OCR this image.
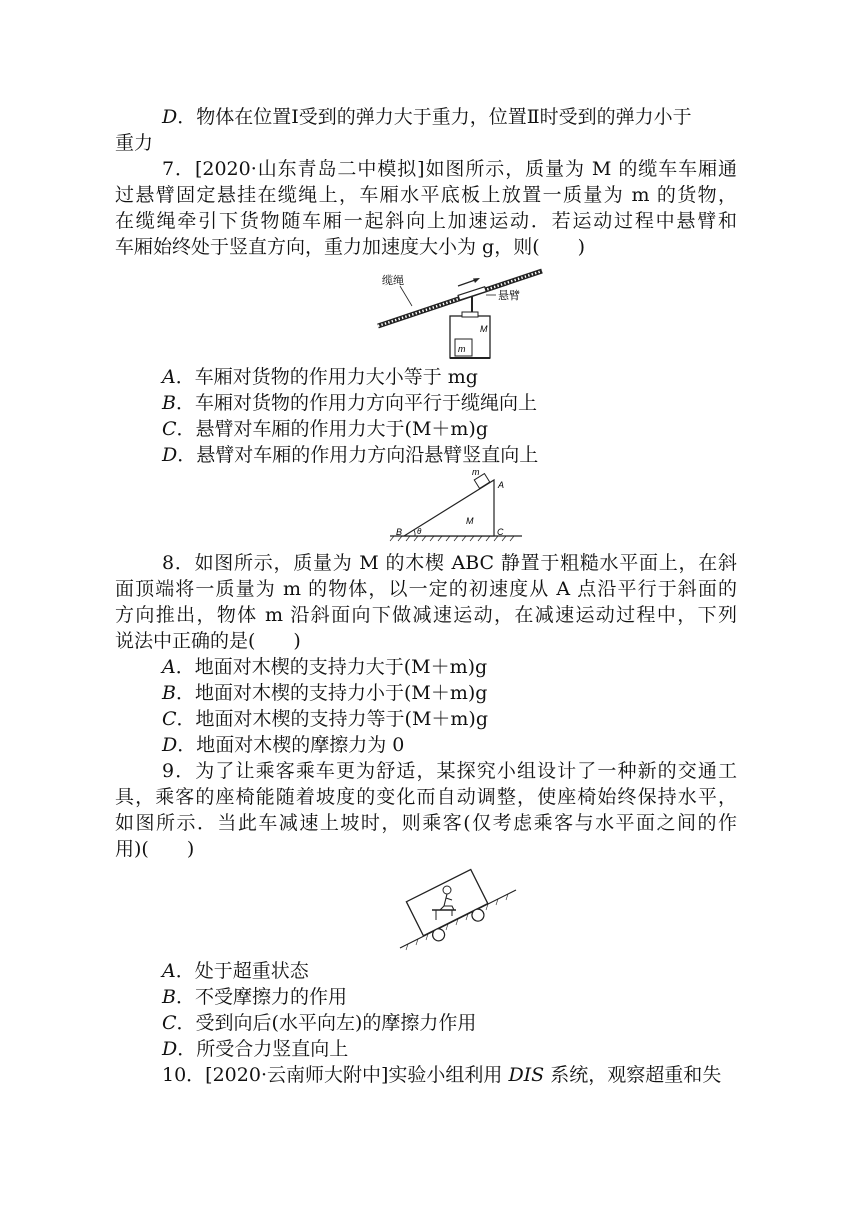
D．物体在位置Ⅰ受到的弹力大于重力，位置Ⅱ时受到的弹力小于
重力
7．[2020·山东青岛二中模拟]如图所示，质量为 M 的缆车车厢通
过悬臂固定悬挂在缆绳上，车厢水平底板上放置一质量为 m 的货物，
在缆绳牵引下货物随车厢一起斜向上加速运动．若运动过程中悬臂和
车厢始终处于竖直方向，重力加速度大小为 g，则(　　)
m
M
缆绳
悬臂
A．车厢对货物的作用力大小等于 mg
B．车厢对货物的作用力方向平行于缆绳向上
C．悬臂对车厢的作用力大于(M＋m)g
D．悬臂对车厢的作用力方向沿悬臂竖直向上
m
A
B	C
M
θ
8．如图所示，质量为 M 的木楔 ABC 静置于粗糙水平面上，在斜
面顶端将一质量为 m 的物体，以一定的初速度从 A 点沿平行于斜面的
方向推出，物体 m 沿斜面向下做减速运动，在减速运动过程中，下列
说法中正确的是(　　)
A．地面对木楔的支持力大于(M＋m)g
B．地面对木楔的支持力小于(M＋m)g
C．地面对木楔的支持力等于(M＋m)g
D．地面对木楔的摩擦力为 0
9．为了让乘客乘车更为舒适，某探究小组设计了一种新的交通工
具，乘客的座椅能随着坡度的变化而自动调整，使座椅始终保持水平，
如图所示．当此车减速上坡时，则乘客(仅考虑乘客与水平面之间的作
用)(　　)
A．处于超重状态
B．不受摩擦力的作用
C．受到向后(水平向左)的摩擦力作用
D．所受合力竖直向上
10．[2020·云南师大附中]实验小组利用 DIS 系统，观察超重和失
